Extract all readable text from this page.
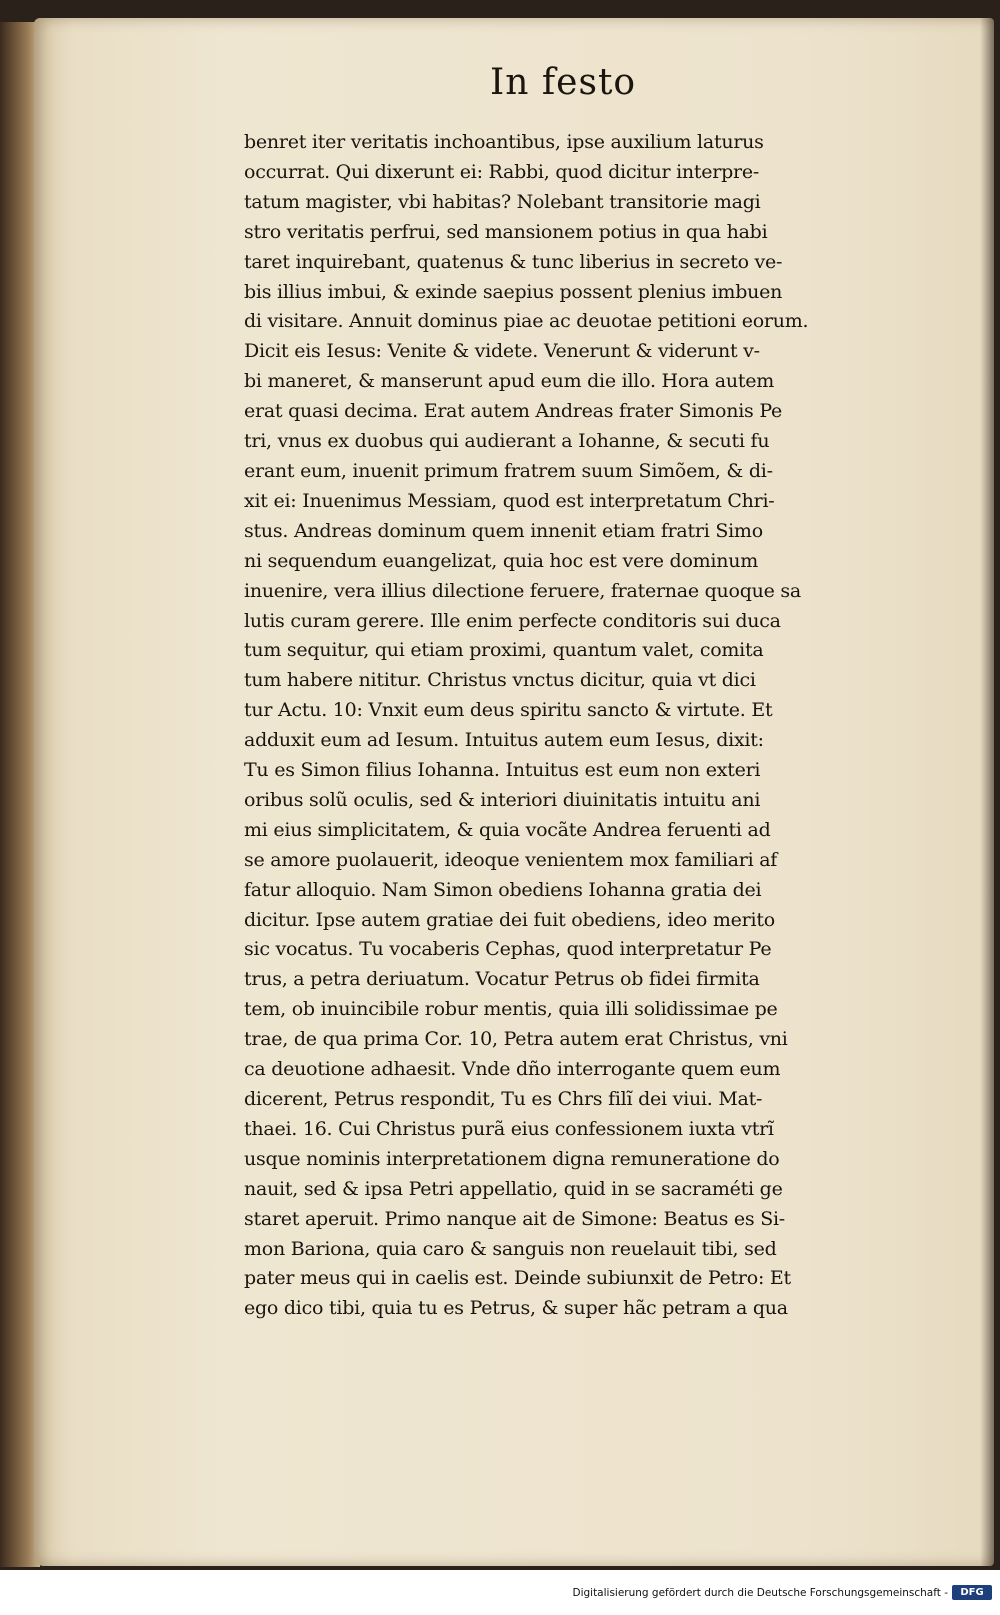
In festo
benret iter veritatis inchoantibus, ipse auxilium laturus
occurrat. Qui dixerunt ei: Rabbi, quod dicitur interpre-
tatum magister, vbi habitas? Nolebant transitorie magi
stro veritatis perfrui, sed mansionem potius in qua habi
taret inquirebant, quatenus & tunc liberius in secreto ve-
bis illius imbui, & exinde saepius possent plenius imbuen
di visitare. Annuit dominus piae ac deuotae petitioni eorum.
Dicit eis Iesus: Venite & videte. Venerunt & viderunt v-
bi maneret, & manserunt apud eum die illo. Hora autem
erat quasi decima. Erat autem Andreas frater Simonis Pe
tri, vnus ex duobus qui audierant a Iohanne, & secuti fu
erant eum, inuenit primum fratrem suum Simõem, & di-
xit ei: Inuenimus Messiam, quod est interpretatum Chri-
stus. Andreas dominum quem innenit etiam fratri Simo
ni sequendum euangelizat, quia hoc est vere dominum
inuenire, vera illius dilectione feruere, fraternae quoque sa
lutis curam gerere. Ille enim perfecte conditoris sui duca
tum sequitur, qui etiam proximi, quantum valet, comita
tum habere nititur. Christus vnctus dicitur, quia vt dici
tur Actu. 10: Vnxit eum deus spiritu sancto & virtute. Et
adduxit eum ad Iesum. Intuitus autem eum Iesus, dixit:
Tu es Simon filius Iohanna. Intuitus est eum non exteri
oribus solũ oculis, sed & interiori diuinitatis intuitu ani
mi eius simplicitatem, & quia vocãte Andrea feruenti ad
se amore puolauerit, ideoque venientem mox familiari af
fatur alloquio. Nam Simon obediens Iohanna gratia dei
dicitur. Ipse autem gratiae dei fuit obediens, ideo merito
sic vocatus. Tu vocaberis Cephas, quod interpretatur Pe
trus, a petra deriuatum. Vocatur Petrus ob fidei firmita
tem, ob inuincibile robur mentis, quia illi solidissimae pe
trae, de qua prima Cor. 10, Petra autem erat Christus, vni
ca deuotione adhaesit. Vnde dño interrogante quem eum
dicerent, Petrus respondit, Tu es Chrs filĩ dei viui. Mat-
thaei. 16. Cui Christus purã eius confessionem iuxta vtrĩ
usque nominis interpretationem digna remuneratione do
nauit, sed & ipsa Petri appellatio, quid in se sacraméti ge
staret aperuit. Primo nanque ait de Simone: Beatus es Si-
mon Bariona, quia caro & sanguis non reuelauit tibi, sed
pater meus qui in caelis est. Deinde subiunxit de Petro: Et
ego dico tibi, quia tu es Petrus, & super hãc petram a qua
Digitalisierung gefördert durch die Deutsche Forschungsgemeinschaft -	DFG
